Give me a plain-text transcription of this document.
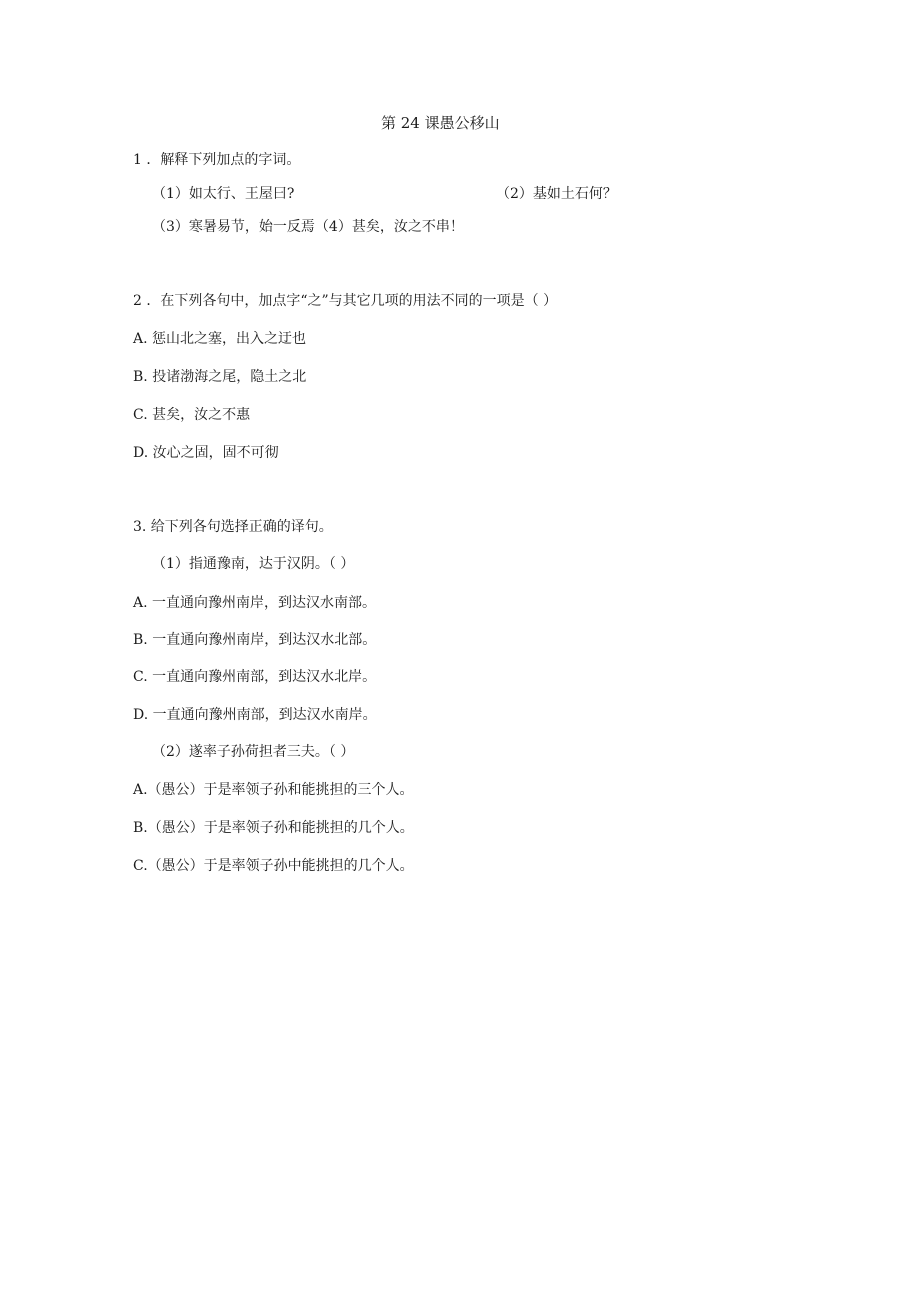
第 24 课愚公移山
1 ．解释下列加点的字词。
（1）如太行、王屋曰?	（2）基如土石何？
（3）寒暑易节，始一反焉（4）甚矣，汝之不串！
2 ．在下列各句中，加点字“之”与其它几项的用法不同的一项是（ ）
A. 惩山北之塞，出入之迂也
B. 投诸渤海之尾，隐土之北
C. 甚矣，汝之不惠
D. 汝心之固，固不可彻
3. 给下列各句选择正确的译句。
（1）指通豫南，达于汉阴。（ ）
A. 一直通向豫州南岸，到达汉水南部。
B. 一直通向豫州南岸，到达汉水北部。
C. 一直通向豫州南部，到达汉水北岸。
D. 一直通向豫州南部，到达汉水南岸。
（2）遂率子孙荷担者三夫。（ ）
A.（愚公）于是率领子孙和能挑担的三个人。
B.（愚公）于是率领子孙和能挑担的几个人。
C.（愚公）于是率领子孙中能挑担的几个人。
